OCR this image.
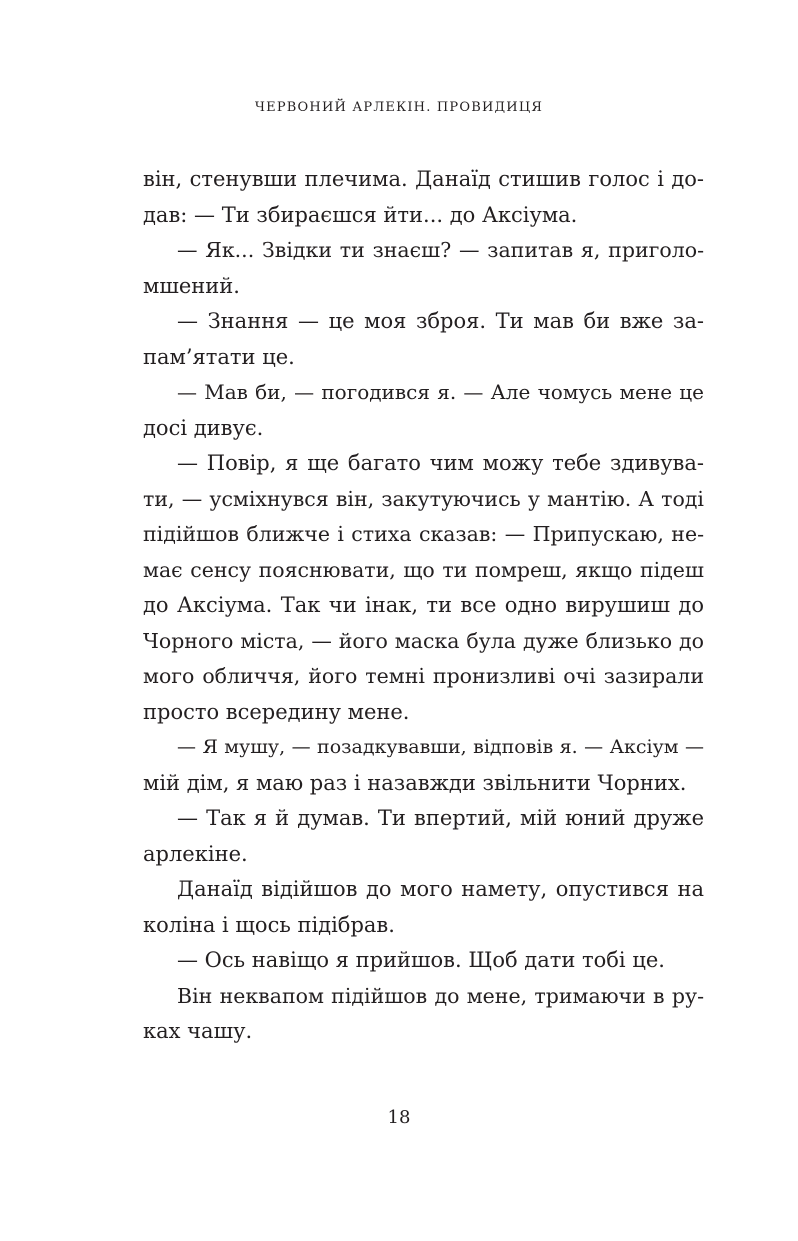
ЧЕРВОНИЙ АРЛЕКІН. ПРОВИДИЦЯ
він, стенувши плечима. Данаїд стишив голос і до-
дав: — Ти збираєшся йти... до Аксіума.
— Як... Звідки ти знаєш? — запитав я, пригoло-
мшений.
— Знання — це моя зброя. Ти мав би вже за-
пам’ятати це.
— Мав би, — погодився я. — Але чомусь мене це
досі дивує.
— Повір, я ще багато чим можу тебе здивува-
ти, — усміхнувся він, закутуючись у мантію. А тоді
підійшов ближче і стиха сказав: — Припускаю, не-
має сенсу пояснювати, що ти помреш, якщо підеш
до Аксіума. Так чи інак, ти все одно вирушиш до
Чорного міста, — його маска була дуже близько до
мого обличчя, його темні пронизливі очі зазирали
просто всередину мене.
— Я мушу, — позадкувавши, відповів я. — Аксіум —
мій дім, я маю раз і назавжди звільнити Чорних.
— Так я й думав. Ти впертий, мій юний друже
арлекіне.
Данаїд відійшов до мого намету, опустився на
коліна і щось підібрав.
— Ось навіщо я прийшов. Щоб дати тобі це.
Він неквапом підійшов до мене, тримаючи в ру-
ках чашу.
18
